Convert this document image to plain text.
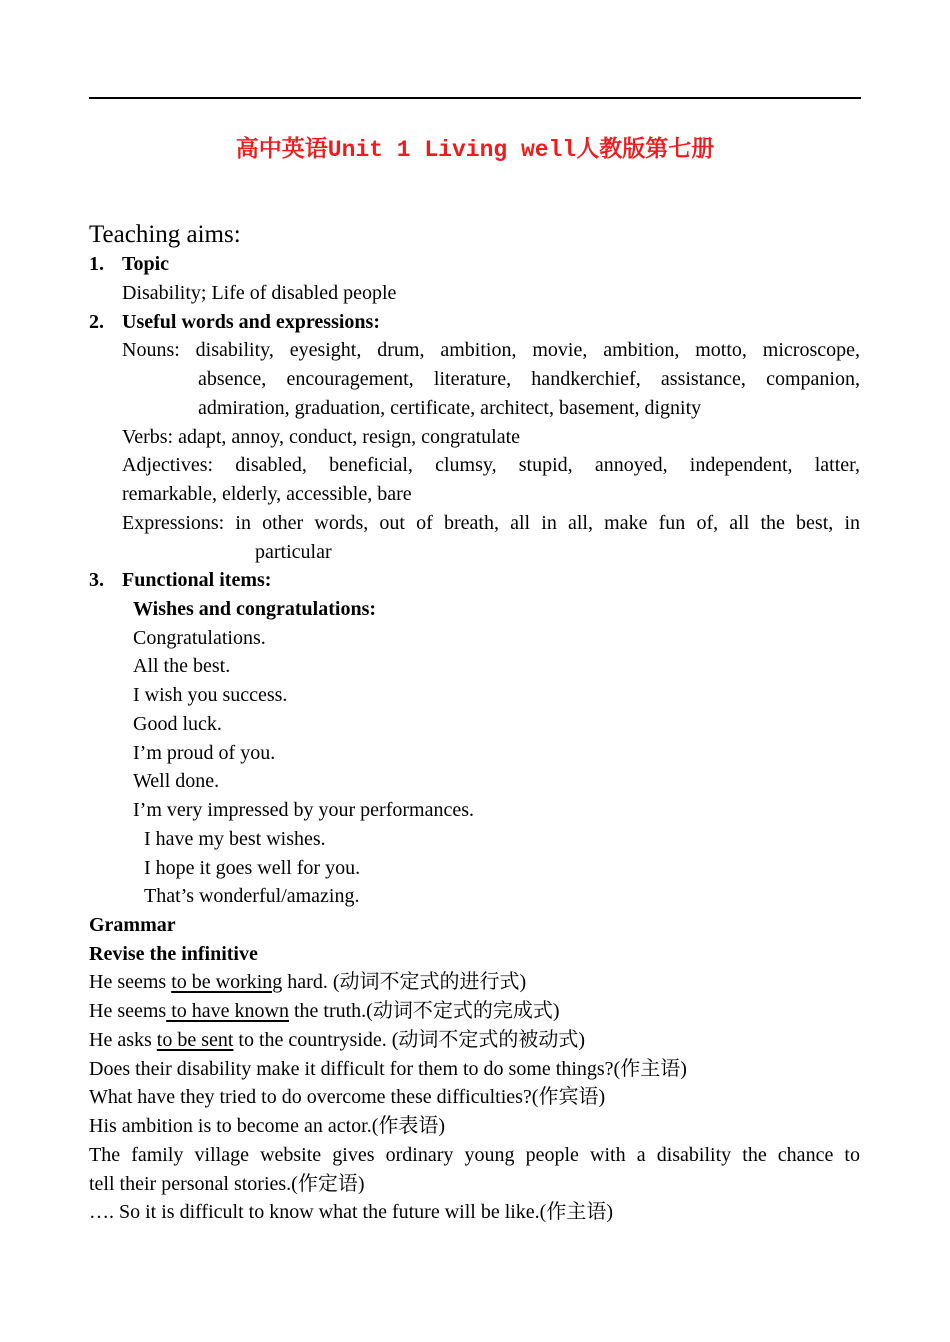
高中英语Unit 1 Living well人教版第七册
Teaching aims:
1. Topic
Disability; Life of disabled people
2. Useful words and expressions:
Nouns: disability, eyesight, drum, ambition, movie, ambition, motto, microscope,
absence, encouragement, literature, handkerchief, assistance, companion,
admiration, graduation, certificate, architect, basement, dignity
Verbs: adapt, annoy, conduct, resign, congratulate
Adjectives: disabled, beneficial, clumsy, stupid, annoyed, independent, latter,
remarkable, elderly, accessible, bare
Expressions: in other words, out of breath, all in all, make fun of, all the best, in
particular
3. Functional items:
Wishes and congratulations:
Congratulations.
All the best.
I wish you success.
Good luck.
I’m proud of you.
Well done.
I’m very impressed by your performances.
I have my best wishes.
I hope it goes well for you.
That’s wonderful/amazing.
Grammar
Revise the infinitive
He seems to be working hard. (动词不定式的进行式)
He seems to have known the truth.(动词不定式的完成式)
He asks to be sent to the countryside. (动词不定式的被动式)
Does their disability make it difficult for them to do some things?(作主语)
What have they tried to do overcome these difficulties?(作宾语)
His ambition is to become an actor.(作表语)
The family village website gives ordinary young people with a disability the chance to
tell their personal stories.(作定语)
…. So it is difficult to know what the future will be like.(作主语)
